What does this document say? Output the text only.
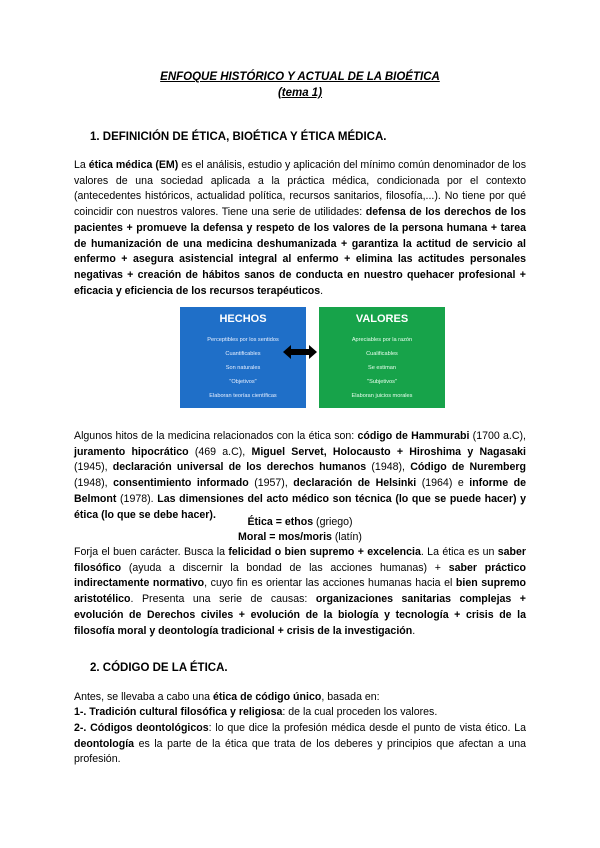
ENFOQUE HISTÓRICO Y ACTUAL DE LA BIOÉTICA
(tema 1)
1. DEFINICIÓN DE ÉTICA, BIOÉTICA Y ÉTICA MÉDICA.
La ética médica (EM) es el análisis, estudio y aplicación del mínimo común denominador de los valores de una sociedad aplicada a la práctica médica, condicionada por el contexto (antecedentes históricos, actualidad política, recursos sanitarios, filosofía,...). No tiene por qué coincidir con nuestros valores. Tiene una serie de utilidades: defensa de los derechos de los pacientes + promueve la defensa y respeto de los valores de la persona humana + tarea de humanización de una medicina deshumanizada + garantiza la actitud de servicio al enfermo + asegura asistencial integral al enfermo + elimina las actitudes personales negativas + creación de hábitos sanos de conducta en nuestro quehacer profesional + eficacia y eficiencia de los recursos terapéuticos.
HECHOS
Perceptibles por los sentidos
Cuantificables
Son naturales
"Objetivos"
Elaboran teorías científicas
VALORES
Apreciables por la razón
Cualificables
Se estiman
"Subjetivos"
Elaboran juicios morales
Algunos hitos de la medicina relacionados con la ética son: código de Hammurabi (1700 a.C), juramento hipocrático (469 a.C), Miguel Servet, Holocausto + Hiroshima y Nagasaki (1945), declaración universal de los derechos humanos (1948), Código de Nuremberg (1948), consentimiento informado (1957), declaración de Helsinki (1964) e informe de Belmont (1978). Las dimensiones del acto médico son técnica (lo que se puede hacer) y ética (lo que se debe hacer).
Ética = ethos (griego)
Moral = mos/moris (latín)
Forja el buen carácter. Busca la felicidad o bien supremo + excelencia. La ética es un saber filosófico (ayuda a discernir la bondad de las acciones humanas) + saber práctico indirectamente normativo, cuyo fin es orientar las acciones humanas hacia el bien supremo aristotélico. Presenta una serie de causas: organizaciones sanitarias complejas + evolución de Derechos civiles + evolución de la biología y tecnología + crisis de la filosofía moral y deontología tradicional + crisis de la investigación.
2. CÓDIGO DE LA ÉTICA.
Antes, se llevaba a cabo una ética de código único, basada en:
1-. Tradición cultural filosófica y religiosa: de la cual proceden los valores.
2-. Códigos deontológicos: lo que dice la profesión médica desde el punto de vista ético. La deontología es la parte de la ética que trata de los deberes y principios que afectan a una profesión.
